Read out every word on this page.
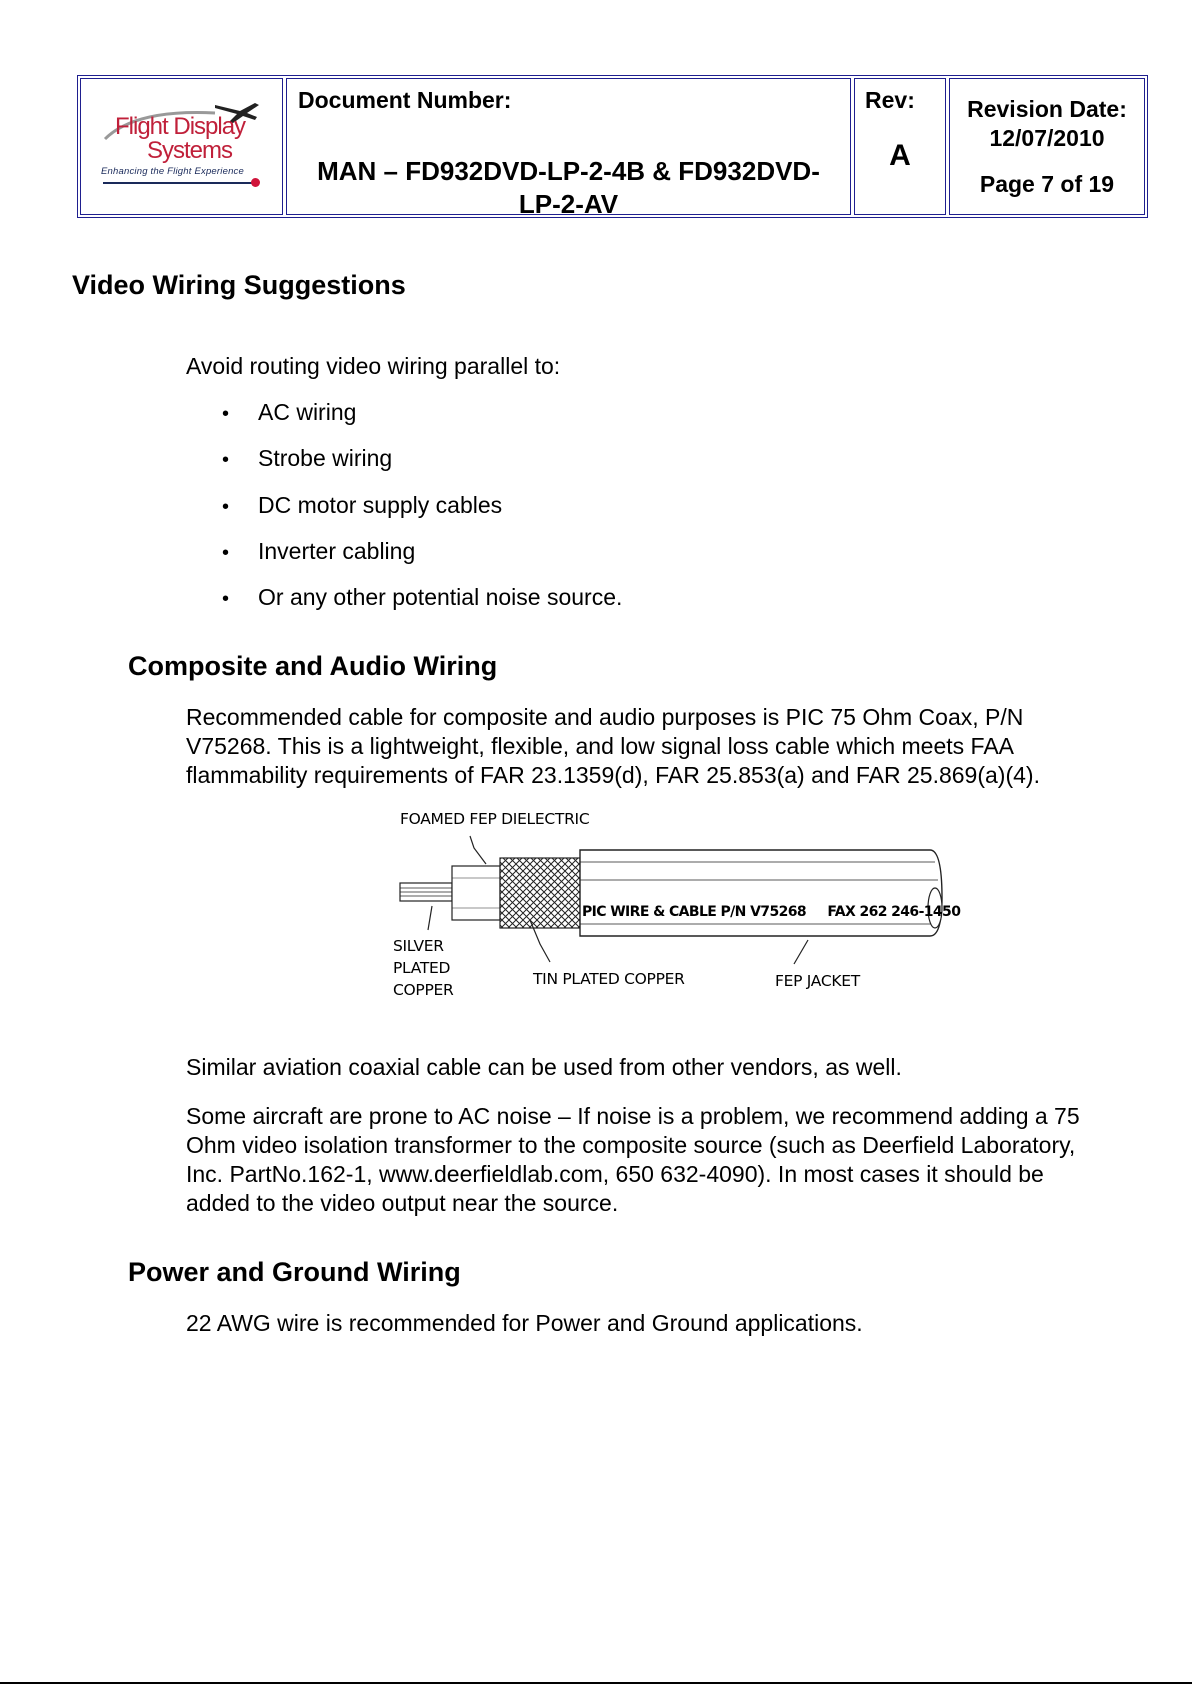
Flight Display
Systems
Enhancing the Flight Experience
Document Number:
MAN – FD932DVD-LP-2-4B & FD932DVD-
LP-2-AV
Rev:
A
Revision Date:
12/07/2010
Page 7 of 19
Video Wiring Suggestions

Avoid routing video wiring parallel to:

• AC wiring
• Strobe wiring
• DC motor supply cables
• Inverter cabling
• Or any other potential noise source.
Composite and Audio Wiring
Recommended cable for composite and audio purposes is PIC 75 Ohm Coax, P/N
V75268. This is a lightweight, flexible, and low signal loss cable which meets FAA
flammability requirements of FAR 23.1359(d), FAR 25.853(a) and FAR 25.869(a)(4).
FOAMED FEP DIELECTRIC
PIC WIRE & CABLE P/N V75268     FAX 262 246-1450
SILVER
PLATED
COPPER
TIN PLATED COPPER	FEP JACKET

Similar aviation coaxial cable can be used from other vendors, as well.

Some aircraft are prone to AC noise – If noise is a problem, we recommend adding a 75
Ohm video isolation transformer to the composite source (such as Deerfield Laboratory,
Inc. PartNo.162-1, www.deerfieldlab.com, 650 632-4090). In most cases it should be
added to the video output near the source.
Power and Ground Wiring

22 AWG wire is recommended for Power and Ground applications.
